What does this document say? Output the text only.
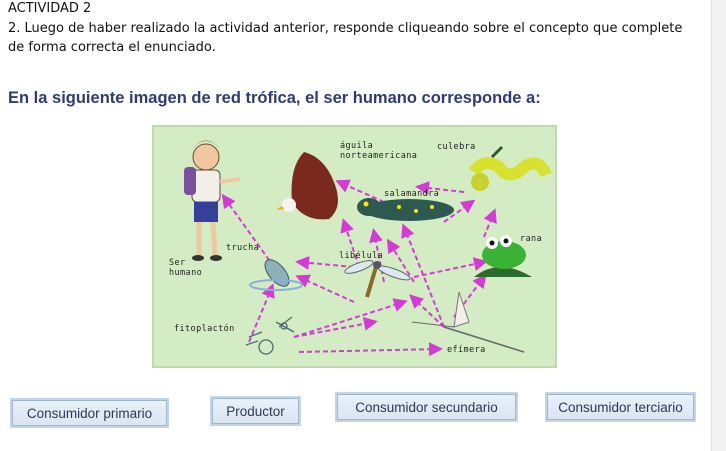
ACTIVIDAD 2
2. Luego de haber realizado la actividad anterior, responde cliqueando sobre el concepto que complete de forma correcta el enunciado.
En la siguiente imagen de red trófica, el ser humano corresponde a:
águila
norteamericana
culebra
salamandra
rana
trucha
libélula
Ser
humano
fitoplactón
efímera
Consumidor primario	Productor	Consumidor secundario	Consumidor terciario
